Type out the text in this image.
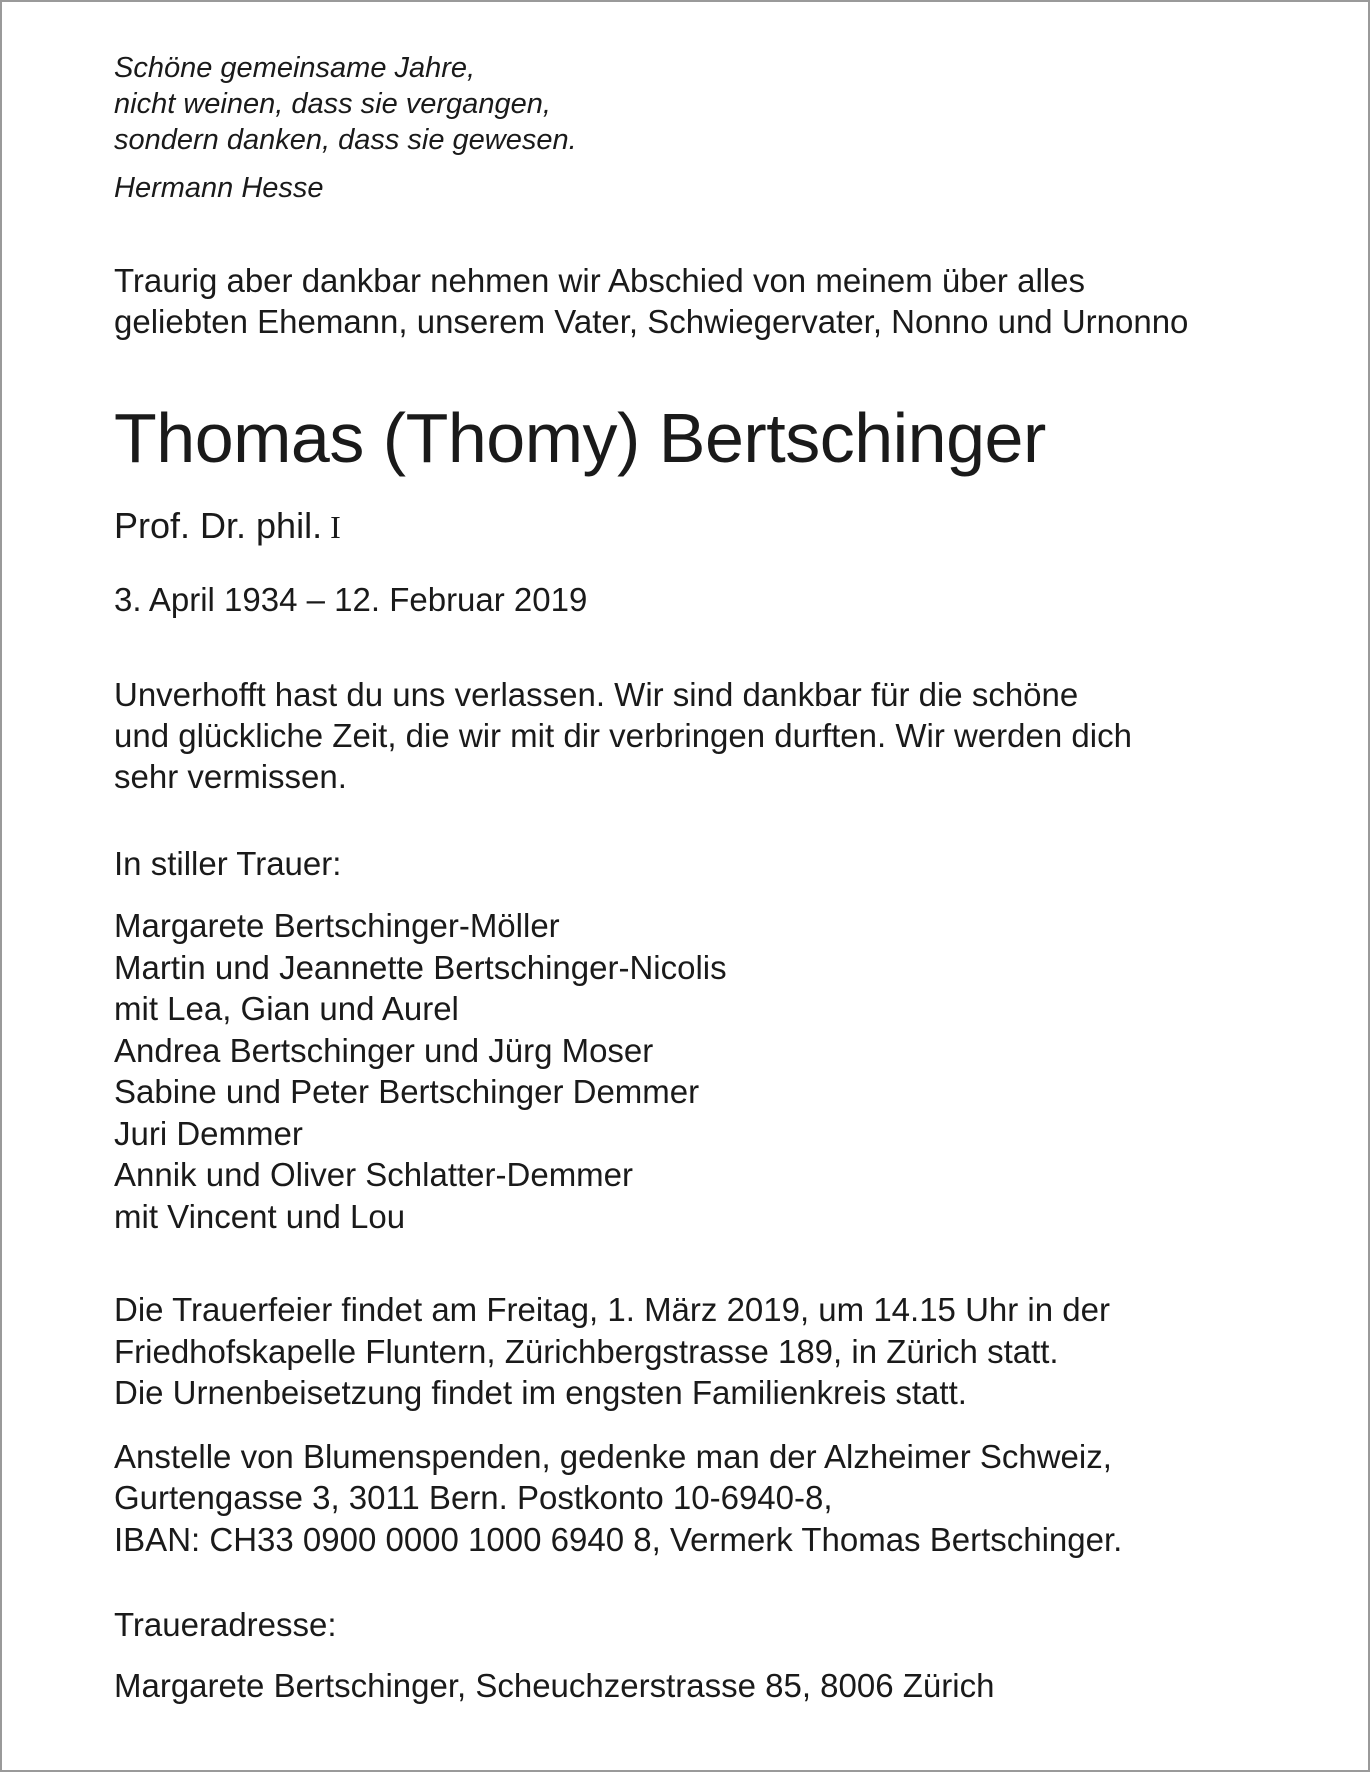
Schöne gemeinsame Jahre,
nicht weinen, dass sie vergangen,
sondern danken, dass sie gewesen.
Hermann Hesse
Traurig aber dankbar nehmen wir Abschied von meinem über alles
geliebten Ehemann, unserem Vater, Schwiegervater, Nonno und Urnonno
Thomas (Thomy) Bertschinger
Prof. Dr. phil. I
3. April 1934 – 12. Februar 2019
Unverhofft hast du uns verlassen. Wir sind dankbar für die schöne
und glückliche Zeit, die wir mit dir verbringen durften. Wir werden dich
sehr vermissen.
In stiller Trauer:
Margarete Bertschinger-Möller
Martin und Jeannette Bertschinger-Nicolis
mit Lea, Gian und Aurel
Andrea Bertschinger und Jürg Moser
Sabine und Peter Bertschinger Demmer
Juri Demmer
Annik und Oliver Schlatter-Demmer
mit Vincent und Lou
Die Trauerfeier findet am Freitag, 1. März 2019, um 14.15 Uhr in der
Friedhofskapelle Fluntern, Zürichbergstrasse 189, in Zürich statt.
Die Urnenbeisetzung findet im engsten Familienkreis statt.
Anstelle von Blumenspenden, gedenke man der Alzheimer Schweiz,
Gurtengasse 3, 3011 Bern. Postkonto 10-6940-8,
IBAN: CH33 0900 0000 1000 6940 8, Vermerk Thomas Bertschinger.
Traueradresse:
Margarete Bertschinger, Scheuchzerstrasse 85, 8006 Zürich
